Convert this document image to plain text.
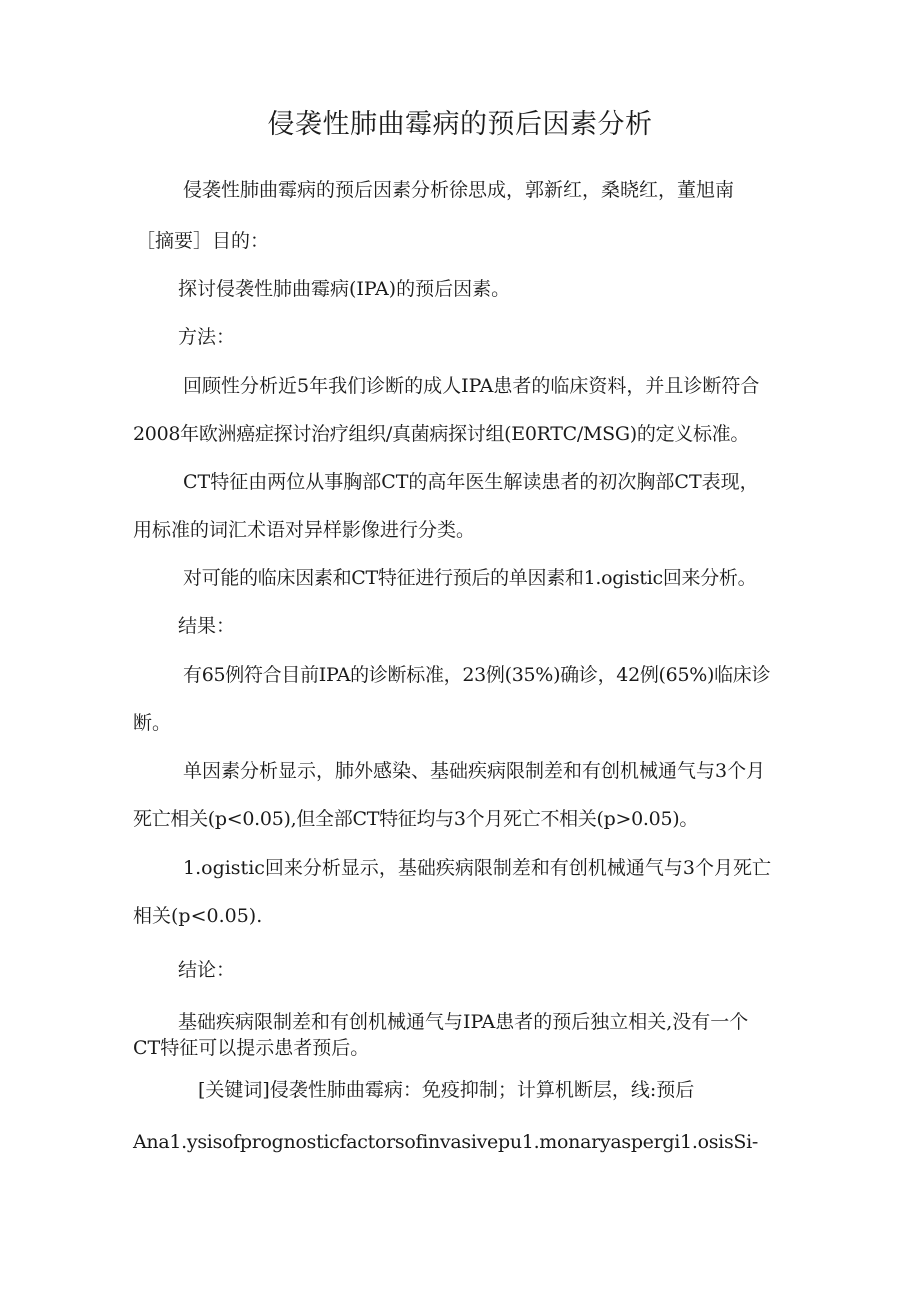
侵袭性肺曲霉病的预后因素分析
侵袭性肺曲霉病的预后因素分析徐思成，郭新红，桑晓红，董旭南
［摘要］目的：
探讨侵袭性肺曲霉病(IPA)的预后因素。
方法：
回顾性分析近5年我们诊断的成人IPA患者的临床资料，并且诊断符合
2008年欧洲癌症探讨治疗组织/真菌病探讨组(E0RTC/MSG)的定义标准。
CT特征由两位从事胸部CT的高年医生解读患者的初次胸部CT表现，
用标准的词汇术语对异样影像进行分类。
对可能的临床因素和CT特征进行预后的单因素和1.ogistic回来分析。
结果：
有65例符合目前IPA的诊断标准，23例(35%)确诊，42例(65%)临床诊
断。
单因素分析显示，肺外感染、基础疾病限制差和有创机械通气与3个月
死亡相关(p<0.05),但全部CT特征均与3个月死亡不相关(p>0.05)。
1.ogistic回来分析显示，基础疾病限制差和有创机械通气与3个月死亡
相关(p<0.05).
结论：
基础疾病限制差和有创机械通气与IPA患者的预后独立相关,没有一个
CT特征可以提示患者预后。
[关键词]侵袭性肺曲霉病：免疫抑制；计算机断层，线:预后
Ana1.ysisofprognosticfactorsofinvasivepu1.monaryaspergi1.osisSi-
